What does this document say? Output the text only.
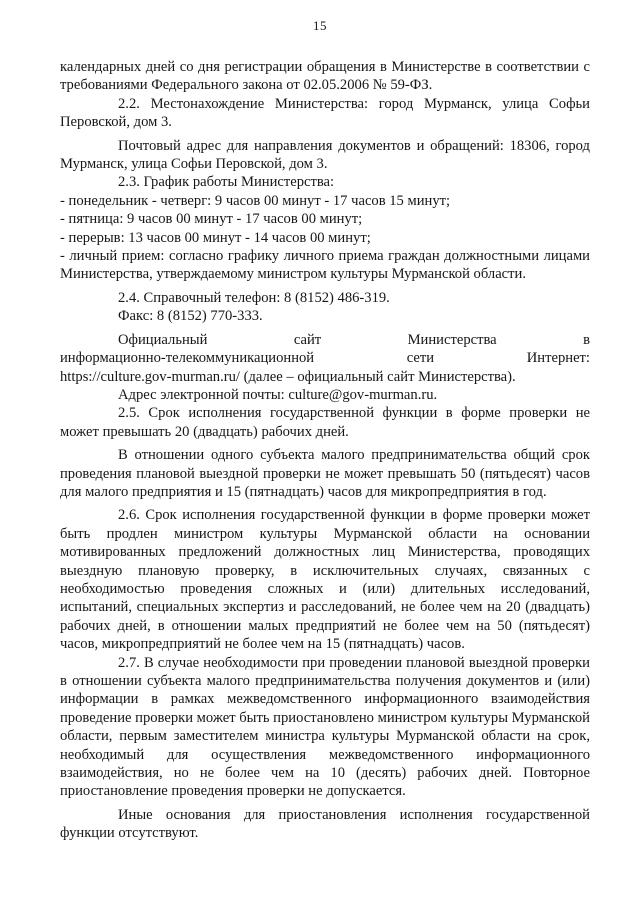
15

календарных дней со дня регистрации обращения в Министерстве в соответствии с требованиями Федерального закона от 02.05.2006 № 59-ФЗ.

2.2. Местонахождение Министерства: город Мурманск, улица Софьи Перовской, дом 3.

Почтовый адрес для направления документов и обращений: 18306, город Мурманск, улица Софьи Перовской, дом 3.

2.3. График работы Министерства:

- понедельник - четверг: 9 часов 00 минут - 17 часов 15 минут;

- пятница: 9 часов 00 минут - 17 часов 00 минут;

- перерыв: 13 часов 00 минут - 14 часов 00 минут;

- личный прием: согласно графику личного приема граждан должностными лицами Министерства, утверждаемому министром культуры Мурманской области.

2.4. Справочный телефон: 8 (8152) 486-319.

Факс: 8 (8152) 770-333.

Официальный	сайт	Министерства	в
информационно-телекоммуникационной	сети	Интернет:

https://culture.gov-murman.ru/ (далее – официальный сайт Министерства).

Адрес электронной почты: culture@gov-murman.ru.

2.5. Срок исполнения государственной функции в форме проверки не может превышать 20 (двадцать) рабочих дней.

В отношении одного субъекта малого предпринимательства общий срок проведения плановой выездной проверки не может превышать 50 (пятьдесят) часов для малого предприятия и 15 (пятнадцать) часов для микропредприятия в год.

2.6. Срок исполнения государственной функции в форме проверки может быть продлен министром культуры Мурманской области на основании мотивированных предложений должностных лиц Министерства, проводящих выездную плановую проверку, в исключительных случаях, связанных с необходимостью проведения сложных и (или) длительных исследований, испытаний, специальных экспертиз и расследований, не более чем на 20 (двадцать) рабочих дней, в отношении малых предприятий не более чем на 50 (пятьдесят) часов, микропредприятий не более чем на 15 (пятнадцать) часов.

2.7. В случае необходимости при проведении плановой выездной проверки в отношении субъекта малого предпринимательства получения документов и (или) информации в рамках межведомственного информационного взаимодействия проведение проверки может быть приостановлено министром культуры Мурманской области, первым заместителем министра культуры Мурманской области на срок, необходимый для осуществления межведомственного информационного взаимодействия, но не более чем на 10 (десять) рабочих дней. Повторное приостановление проведения проверки не допускается.

Иные основания для приостановления исполнения государственной функции отсутствуют.
